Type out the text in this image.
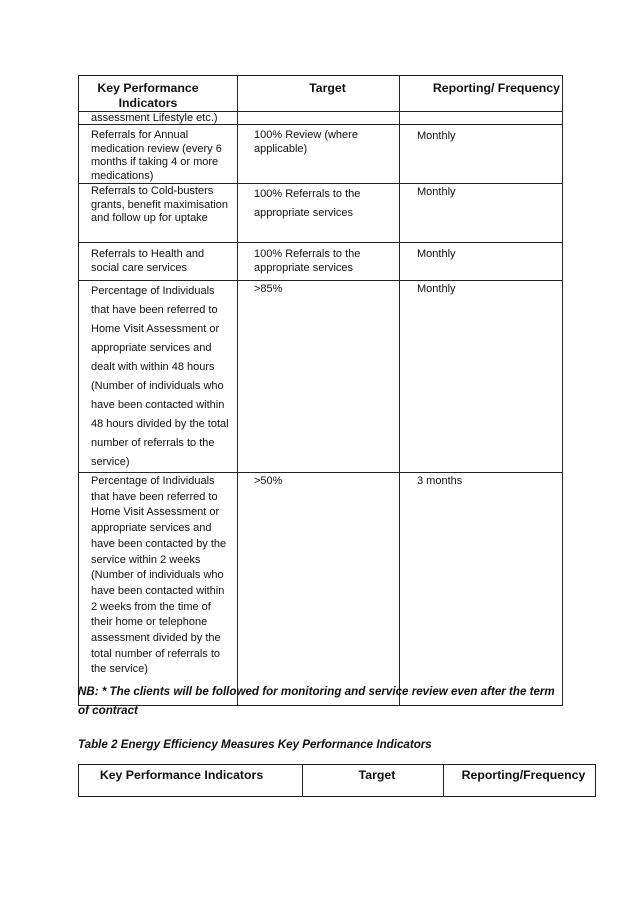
Key Performance Indicators	Target	Reporting/ Frequency
assessment Lifestyle etc.)		
Referrals for Annual medication review (every 6 months if taking 4 or more medications)	100% Review (where applicable)	Monthly
Referrals to Cold-busters grants, benefit maximisation and follow up for uptake	100% Referrals to the appropriate services	Monthly
Referrals to Health and social care services	100% Referrals to the appropriate services	Monthly
Percentage of Individuals that have been referred to Home Visit Assessment or appropriate services and dealt with within 48 hours (Number of individuals who have been contacted within 48 hours divided by the total number of referrals to the service)	>85%	Monthly
Percentage of Individuals that have been referred to Home Visit Assessment or appropriate services and have been contacted by the service within 2 weeks (Number of individuals who have been contacted within 2 weeks from the time of their home or telephone assessment divided by the total number of referrals to the service)	>50%	3 months
NB: * The clients will be followed for monitoring and service review even after the term of contract
Table 2 Energy Efficiency Measures Key Performance Indicators
Key Performance Indicators	Target	Reporting/Frequency
